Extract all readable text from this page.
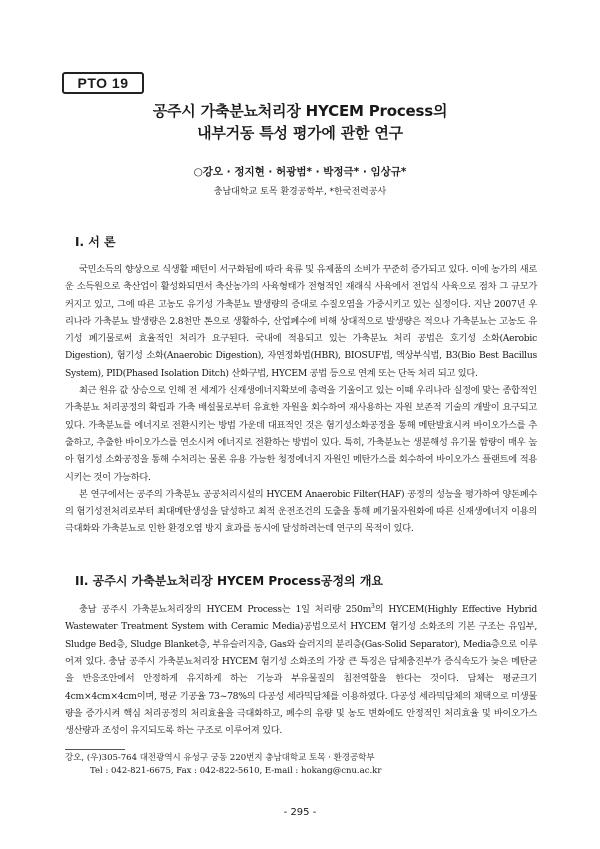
PTO 19
공주시 가축분뇨처리장 HYCEM Process의
내부거동 특성 평가에 관한 연구
○강오 · 정지현 · 허광범* · 박정극* · 임상규*
충남대학교 토목 환경공학부, *한국전력공사
I. 서 론

국민소득의 향상으로 식생활 패턴이 서구화됨에 따라 육류 및 유제품의 소비가 꾸준히 증가되고 있다. 이에 농가의 새로운 소득원으로 축산업이 활성화되면서 축산농가의 사육형태가 전형적인 재래식 사육에서 전업식 사육으로 점차 그 규모가 커지고 있고, 그에 따른 고농도 유기성 가축분뇨 발생량의 증대로 수질오염을 가중시키고 있는 실정이다. 지난 2007년 우리나라 가축분뇨 발생량은 2.8천만 톤으로 생활하수, 산업폐수에 비해 상대적으로 발생량은 적으나 가축분뇨는 고농도 유기성 폐기물로써 효율적인 처리가 요구된다. 국내에 적용되고 있는 가축분뇨 처리 공법은 호기성 소화(Aerobic Digestion), 혐기성 소화(Anaerobic Digestion), 자연정화법(HBR), BIOSUF법, 액상부식법, B3(Bio Best Bacillus System), PID(Phased Isolation Ditch) 산화구법, HYCEM 공법 등으로 연계 또는 단독 처리 되고 있다.

최근 원유 값 상승으로 인해 전 세계가 신재생에너지확보에 총력을 기울이고 있는 이때 우리나라 실정에 맞는 종합적인 가축분뇨 처리공정의 확립과 가축 배설물로부터 유효한 자원을 회수하여 재사용하는 자원 보존적 기술의 개발이 요구되고 있다. 가축분뇨를 에너지로 전환시키는 방법 가운데 대표적인 것은 혐기성소화공정을 통해 메탄발효시켜 바이오가스를 추출하고, 추출한 바이오가스를 연소시켜 에너지로 전환하는 방법이 있다. 특히, 가축분뇨는 생분해성 유기물 함량이 매우 높아 혐기성 소화공정을 통해 수처리는 물론 유용 가능한 청정에너지 자원인 메탄가스를 회수하여 바이오가스 플랜트에 적용시키는 것이 가능하다.

본 연구에서는 공주의 가축분뇨 공공처리시설의 HYCEM Anaerobic Filter(HAF) 공정의 성능을 평가하여 양돈폐수의 혐기성전처리로부터 최대메탄생성을 달성하고 최적 운전조건의 도출을 통해 폐기물자원화에 따른 신재생에너지 이용의 극대화와 가축분뇨로 인한 환경오염 방지 효과를 동시에 달성하려는데 연구의 목적이 있다.

II. 공주시 가축분뇨처리장 HYCEM Process공정의 개요

충남 공주시 가축분뇨처리장의 HYCEM Process는 1일 처리량 $250m^3$의 HYCEM(Highly Effective Hybrid Wastewater Treatment System with Ceramic Media)공법으로서 HYCEM 혐기성 소화조의 기본 구조는 유입부, Sludge Bed층, Sludge Blanket층, 부유슬러지층, Gas와 슬러지의 분리층(Gas-Solid Separator), Media층으로 이루어져 있다. 충남 공주시 가축분뇨처리장 HYCEM 혐기성 소화조의 가장 큰 특징은 담체충진부가 증식속도가 늦은 메탄균을 반응조안에서 안정하게 유지하게 하는 기능과 부유물질의 침전역할을 한다는 것이다. 담체는 평균크기 4cm×4cm×4cm이며, 평균 기공율 73~78%의 다공성 세라믹담체를 이용하였다. 다공성 세라믹담체의 채택으로 미생물량을 증가시켜 핵심 처리공정의 처리효율을 극대화하고, 폐수의 유량 및 농도 변화에도 안정적인 처리효율 및 바이오가스 생산량과 조성이 유지되도록 하는 구조로 이루어져 있다.

강오, (우)305-764 대전광역시 유성구 궁동 220번지 충남대학교 토목 · 환경공학부
Tel : 042-821-6675, Fax : 042-822-5610, E-mail : hokang@cnu.ac.kr
- 295 -
